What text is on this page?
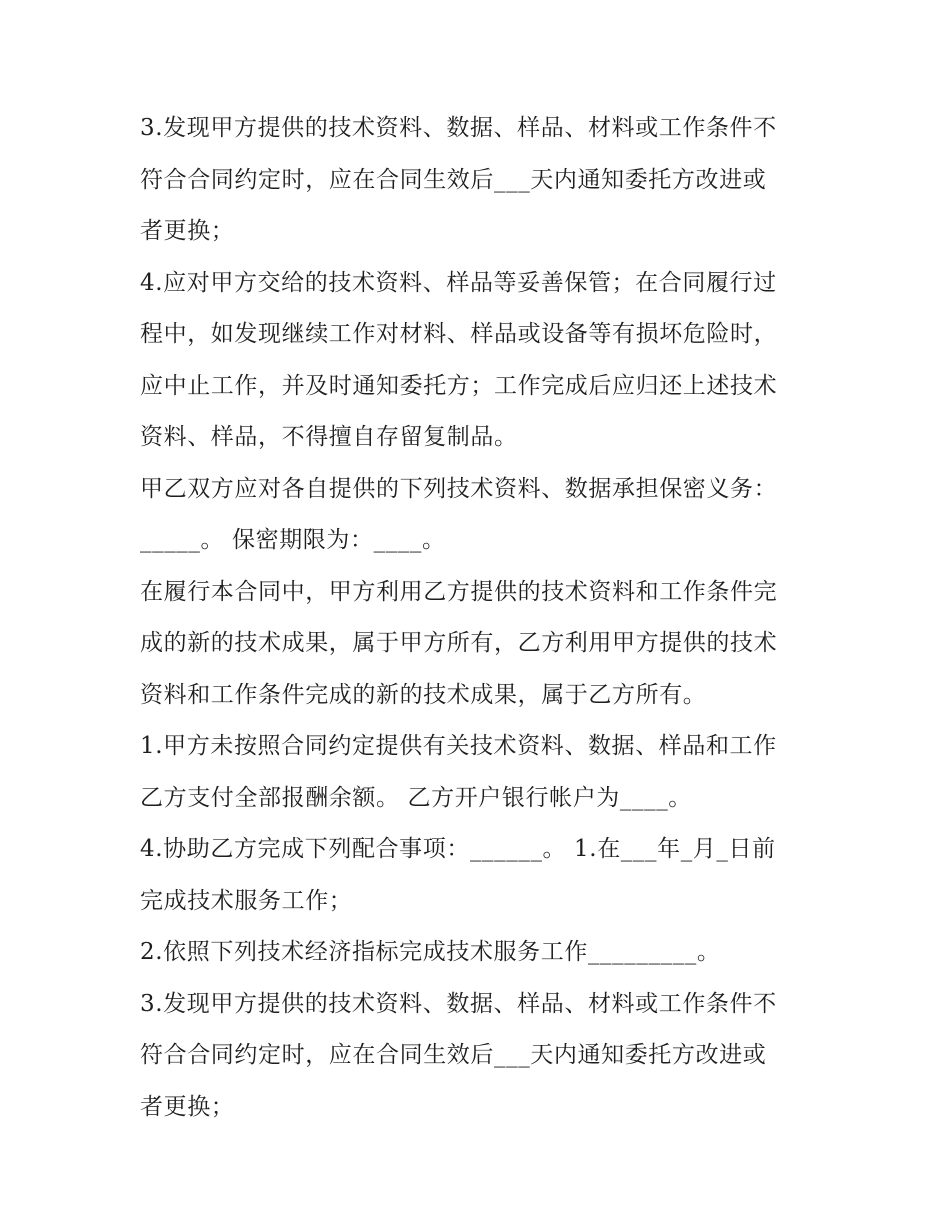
3.发现甲方提供的技术资料、数据、样品、材料或工作条件不
符合合同约定时，应在合同生效后___天内通知委托方改进或
者更换；
4.应对甲方交给的技术资料、样品等妥善保管；在合同履行过
程中，如发现继续工作对材料、样品或设备等有损坏危险时，
应中止工作，并及时通知委托方；工作完成后应归还上述技术
资料、样品，不得擅自存留复制品。
甲乙双方应对各自提供的下列技术资料、数据承担保密义务：
_____。 保密期限为：____。
在履行本合同中，甲方利用乙方提供的技术资料和工作条件完
成的新的技术成果，属于甲方所有，乙方利用甲方提供的技术
资料和工作条件完成的新的技术成果，属于乙方所有。
1.甲方未按照合同约定提供有关技术资料、数据、样品和工作
乙方支付全部报酬余额。 乙方开户银行帐户为____。
4.协助乙方完成下列配合事项：______。 1.在___年_月_日前
完成技术服务工作；
2.依照下列技术经济指标完成技术服务工作_________。
3.发现甲方提供的技术资料、数据、样品、材料或工作条件不
符合合同约定时，应在合同生效后___天内通知委托方改进或
者更换；
